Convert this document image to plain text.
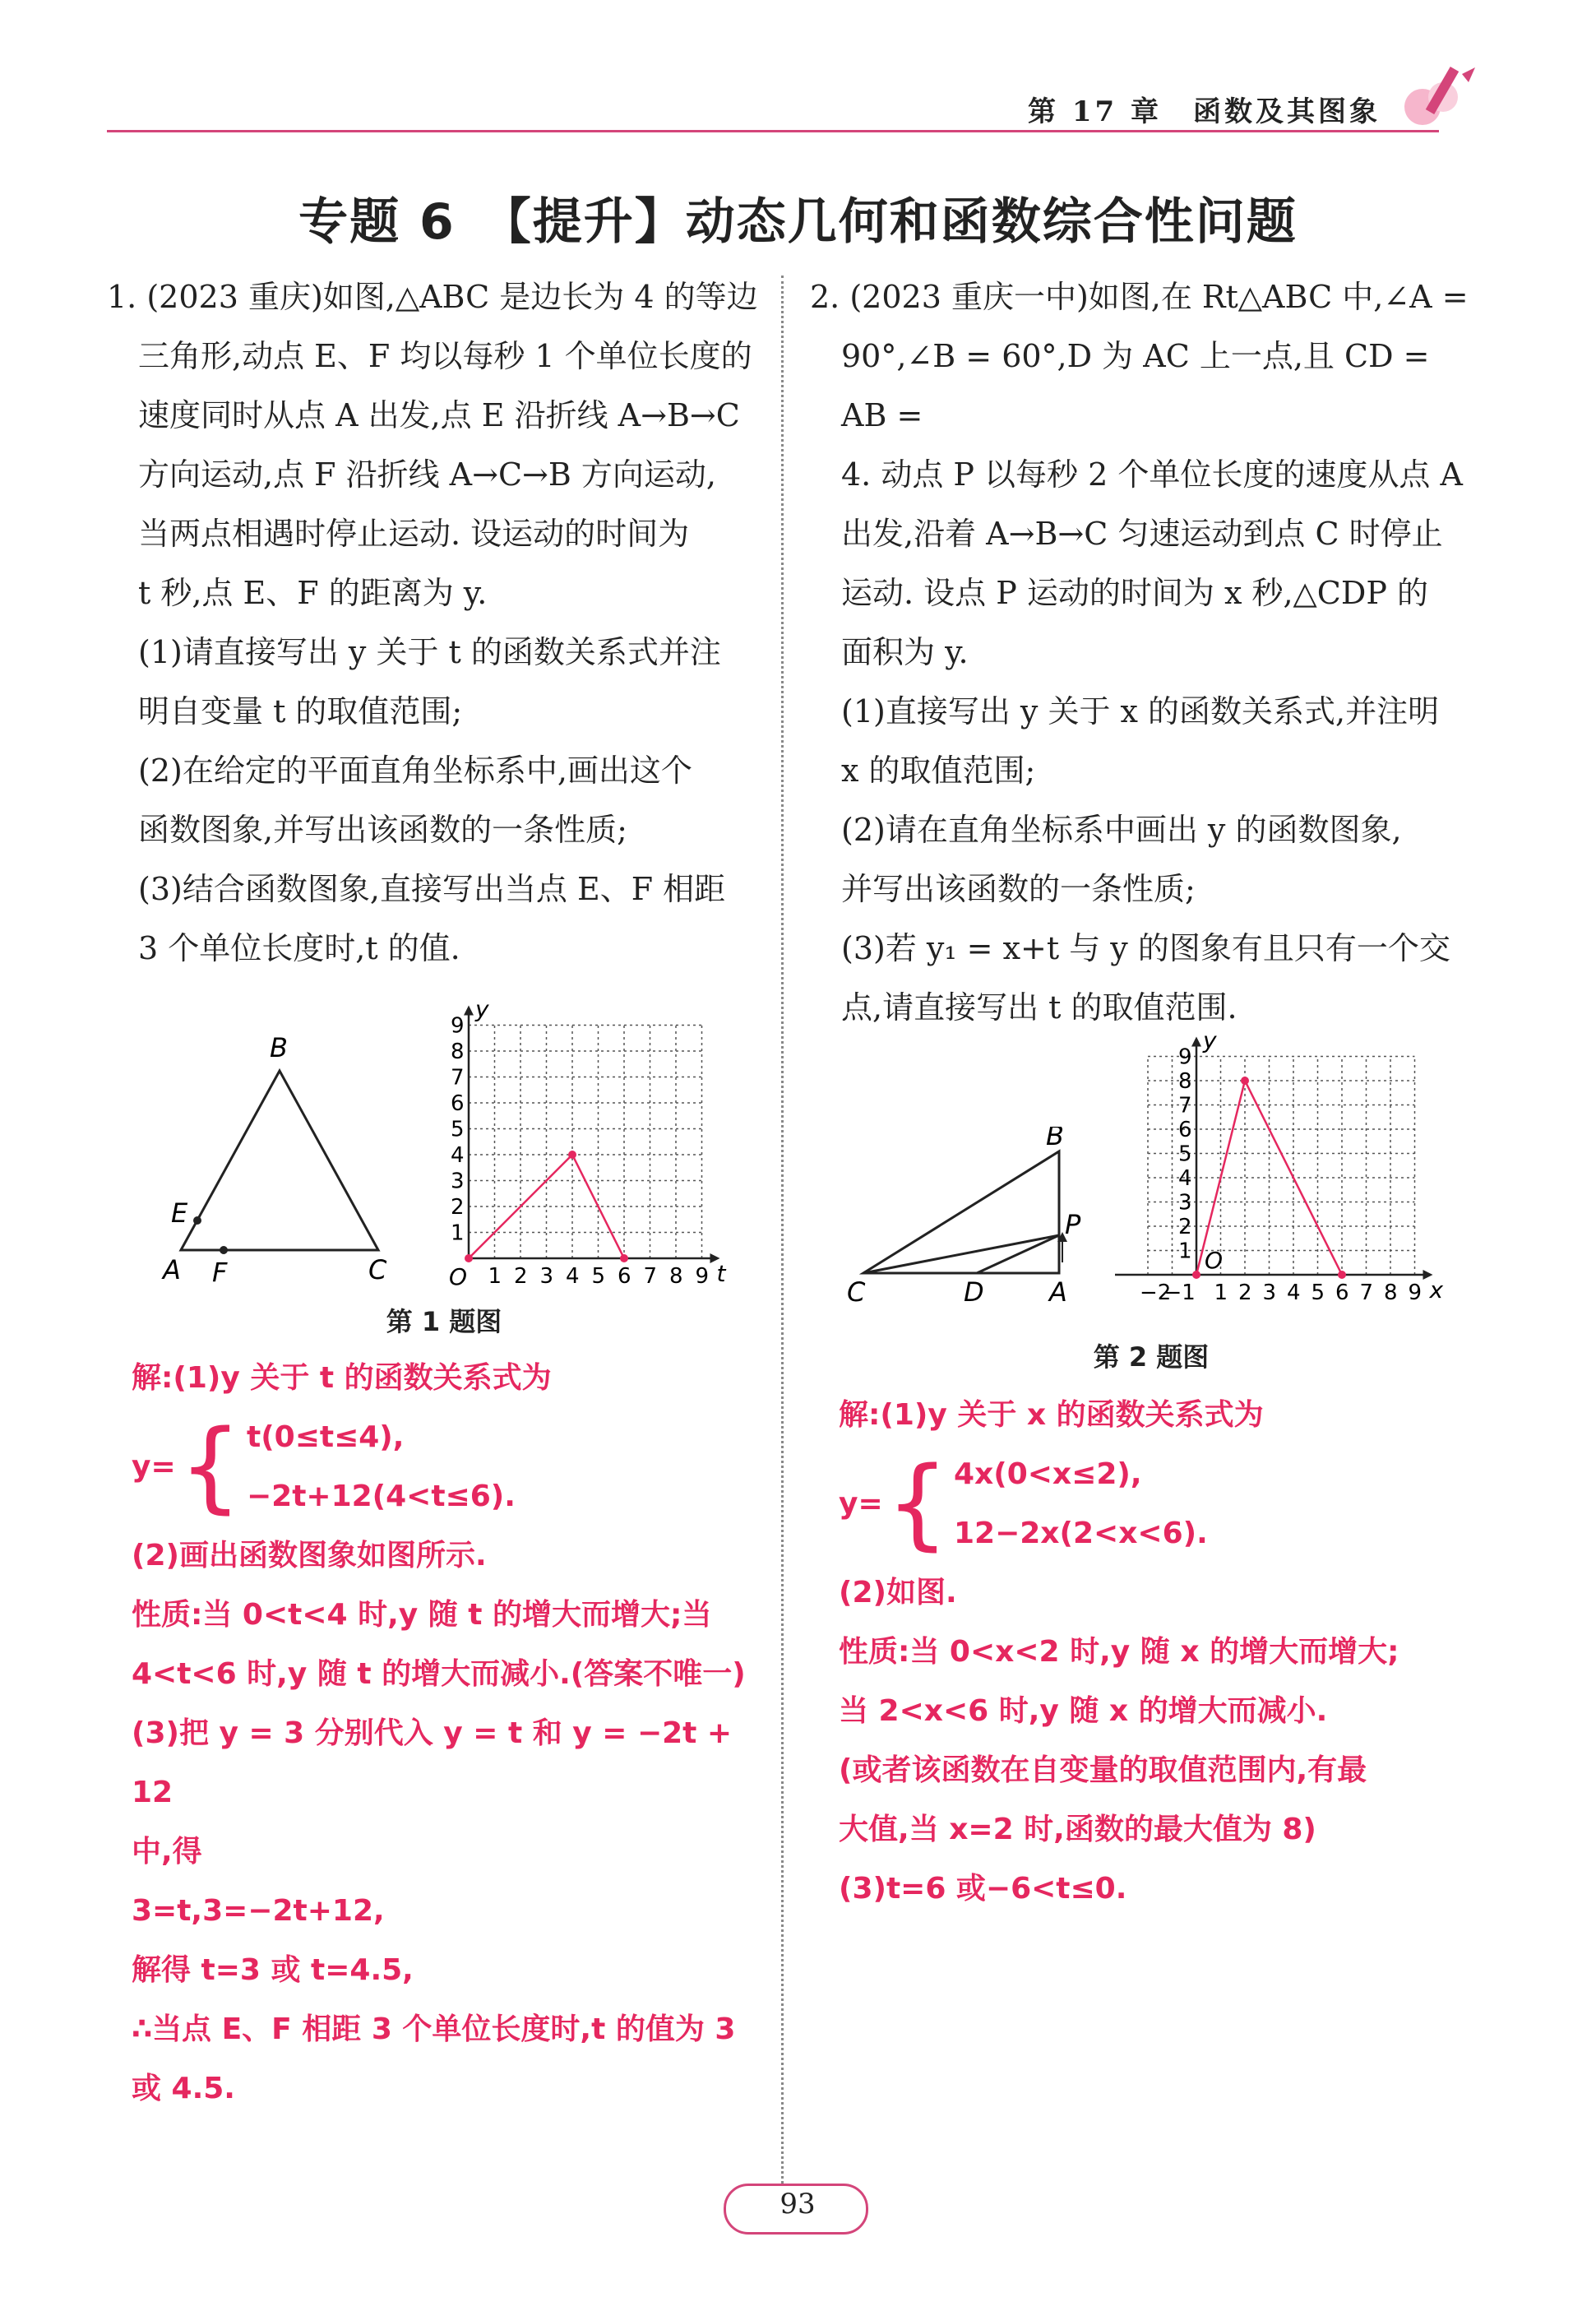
第 17 章　函数及其图象
专题 6　【提升】动态几何和函数综合性问题

1. (2023 重庆)如图,△ABC 是边长为 4 的等边

三角形,动点 E、F 均以每秒 1 个单位长度的

速度同时从点 A 出发,点 E 沿折线 A→B→C

方向运动,点 F 沿折线 A→C→B 方向运动,

当两点相遇时停止运动. 设运动的时间为

t 秒,点 E、F 的距离为 y.

(1)请直接写出 y 关于 t 的函数关系式并注

明自变量 t 的取值范围;

(2)在给定的平面直角坐标系中,画出这个

函数图象,并写出该函数的一条性质;

(3)结合函数图象,直接写出当点 E、F 相距

3 个单位长度时,t 的值.

B
A F	C
E
1 2 3 4 5 6 7 8 9
1
2
3
4
5
6
7
8
9
O	t
y
第 1 题图

解:(1)y 关于 t 的函数关系式为

y= { t(0≤t≤4),

−2t+12(4<t≤6).

(2)画出函数图象如图所示.

性质:当 0<t<4 时,y 随 t 的增大而增大;当

4<t<6 时,y 随 t 的增大而减小.(答案不唯一)

(3)把 y = 3 分别代入 y = t 和 y = −2t + 12

中,得

3=t,3=−2t+12,

解得 t=3 或 t=4.5,

∴当点 E、F 相距 3 个单位长度时,t 的值为 3

或 4.5.

2. (2023 重庆一中)如图,在 Rt△ABC 中,∠A =

90°,∠B = 60°,D 为 AC 上一点,且 CD = AB =

4. 动点 P 以每秒 2 个单位长度的速度从点 A

出发,沿着 A→B→C 匀速运动到点 C 时停止

运动. 设点 P 运动的时间为 x 秒,△CDP 的

面积为 y.

(1)直接写出 y 关于 x 的函数关系式,并注明

x 的取值范围;

(2)请在直角坐标系中画出 y 的函数图象,

并写出该函数的一条性质;

(3)若 y₁ = x+t 与 y 的图象有且只有一个交

点,请直接写出 t 的取值范围.

B
P
C	D A	−2
−1 1 2 3 4 5 6 7 8 9
1
2
3
4
5
6
7
8
9
O
x
y
第 2 题图

解:(1)y 关于 x 的函数关系式为

y= { 4x(0<x≤2),

12−2x(2<x<6).

(2)如图.

性质:当 0<x<2 时,y 随 x 的增大而增大;

当 2<x<6 时,y 随 x 的增大而减小.

(或者该函数在自变量的取值范围内,有最

大值,当 x=2 时,函数的最大值为 8)

(3)t=6 或−6<t≤0.

93
